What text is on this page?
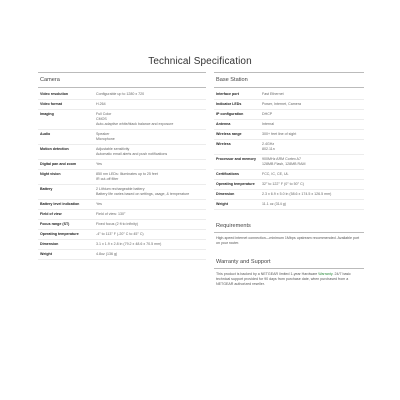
Technical Specification
Camera
Video resolution	Configurable up to 1280 x 720
Video format	H.264
Imaging	Full Color
CMOS
Auto-adaptive white/black balance and exposure
Audio	Speaker
Microphone
Motion detection	Adjustable sensitivity
Automatic email alerts and push notifications
Digital pan and zoom	Yes
Night vision	850 nm LEDs: Illuminates up to 25 feet
IR cut-off filter
Battery	2 Lithium rechargeable battery
Battery life varies based on settings, usage, & temperature
Battery level indication	Yes
Field of view	Field of view: 130°
Focus range (ST)	Fixed focus (2 ft to infinity)
Operating temperature	-4° to 113° F (-20° C to 45° C)
Dimension	3.1 x 1.9 x 2.8 in (79.2 x 48.6 x 70.5 mm)
Weight	4.8oz (136 g)
Base Station
Interface port	Fast Ethernet
Indicator LEDs	Power, Internet, Camera
IP configuration	DHCP
Antenna	Internal
Wireless range	300+ feet line of sight
Wireless	2.4GHz
802.11n
Processor and memory	900MHz ARM Cortex A7
128MB Flash, 128MB RAM
Certifications	FCC, IC, CE, UL
Operating temperature	32° to 122° F (0° to 50° C)
Dimension	2.3 x 6.9 x 5.0 in (58.6 x 174.5 x 126.5 mm)
Weight	11.1 oz (314 g)
Requirements
High-speed internet connection—minimum 1Mbps upstream recommended. Available port on your router.
Warranty and Support
This product is backed by a NETGEAR limited 1-year Hardware Warranty. 24/7 basic technical support provided for 90 days from purchase date, when purchased from a NETGEAR authorized reseller.
